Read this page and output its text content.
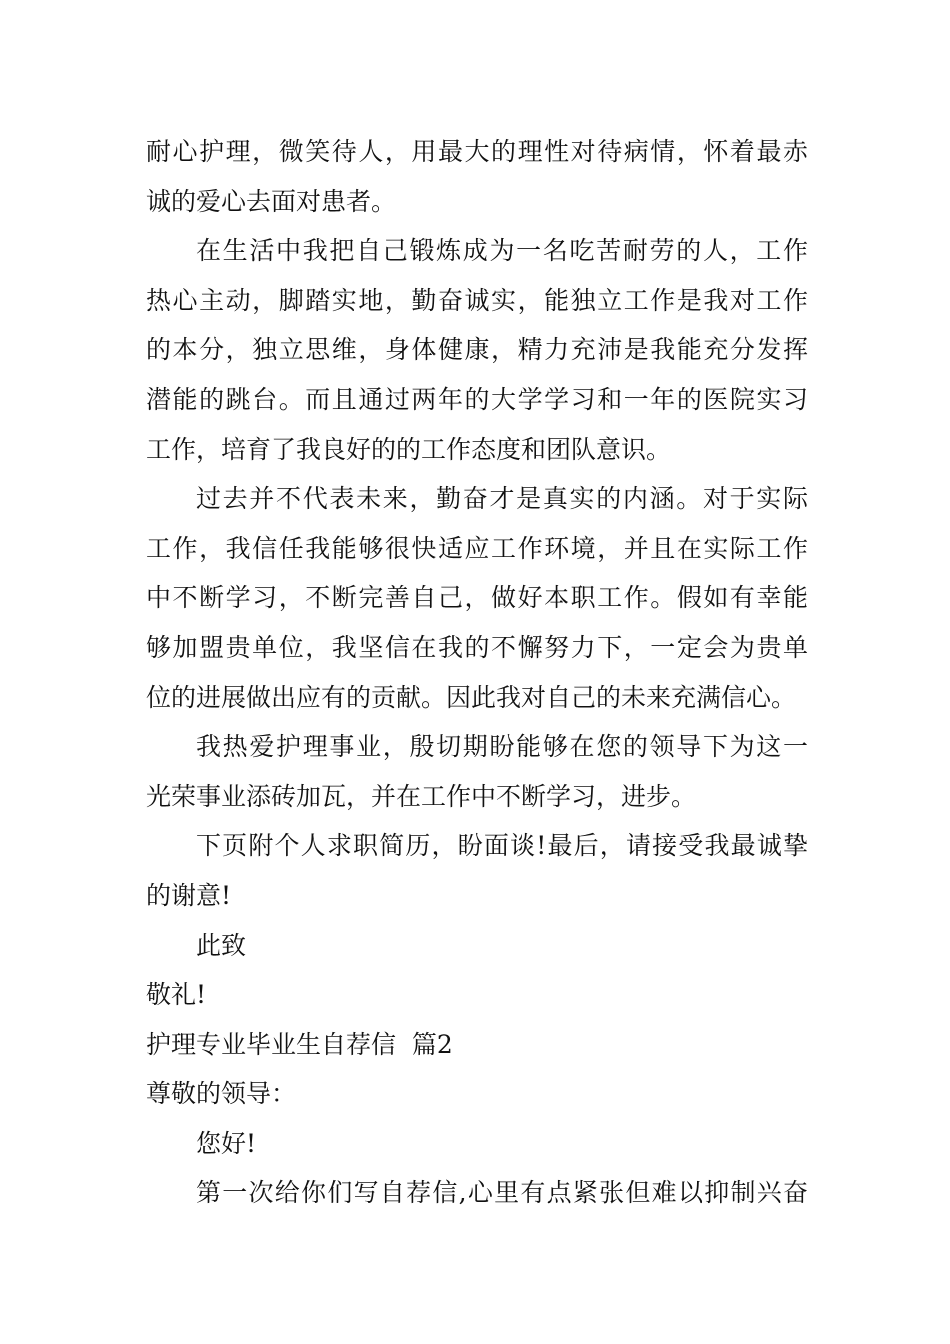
耐心护理，微笑待人，用最大的理性对待病情，怀着最赤
诚的爱心去面对患者。
在生活中我把自己锻炼成为一名吃苦耐劳的人，工作
热心主动，脚踏实地，勤奋诚实，能独立工作是我对工作
的本分，独立思维，身体健康，精力充沛是我能充分发挥
潜能的跳台。而且通过两年的大学学习和一年的医院实习
工作，培育了我良好的的工作态度和团队意识。
过去并不代表未来，勤奋才是真实的内涵。对于实际
工作，我信任我能够很快适应工作环境，并且在实际工作
中不断学习，不断完善自己，做好本职工作。假如有幸能
够加盟贵单位，我坚信在我的不懈努力下，一定会为贵单
位的进展做出应有的贡献。因此我对自己的未来充满信心。
我热爱护理事业，殷切期盼能够在您的领导下为这一
光荣事业添砖加瓦，并在工作中不断学习，进步。
下页附个人求职简历，盼面谈!最后，请接受我最诚挚
的谢意!
此致
敬礼!
护理专业毕业生自荐信  篇2
尊敬的领导：
您好!
第一次给你们写自荐信,心里有点紧张但难以抑制兴奋
